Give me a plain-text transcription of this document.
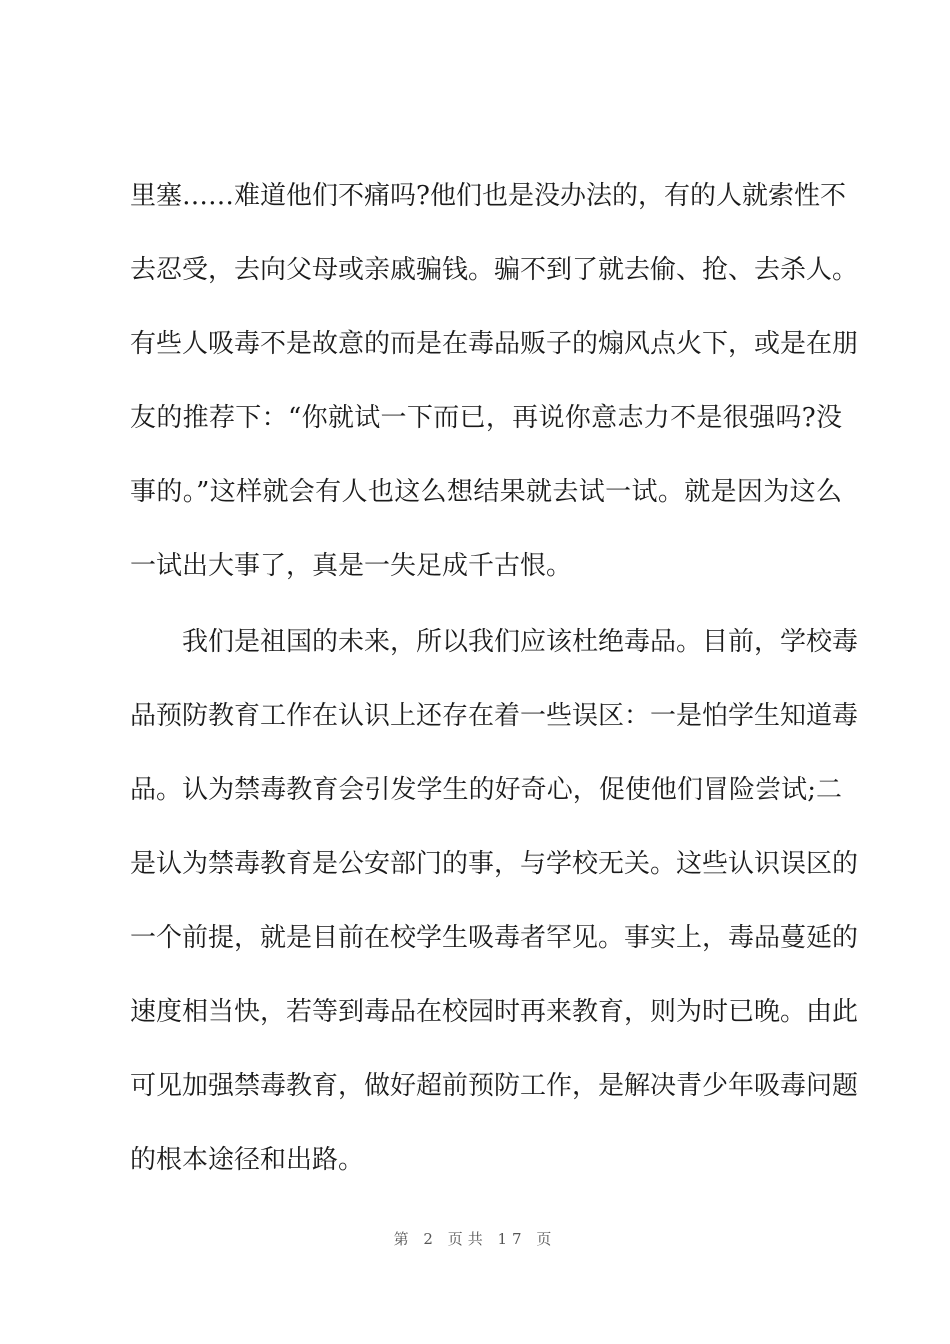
里塞……难道他们不痛吗?他们也是没办法的，有的人就索性不
去忍受，去向父母或亲戚骗钱。骗不到了就去偷、抢、去杀人。
有些人吸毒不是故意的而是在毒品贩子的煽风点火下，或是在朋
友的推荐下：“你就试一下而已，再说你意志力不是很强吗?没
事的。”这样就会有人也这么想结果就去试一试。就是因为这么
一试出大事了，真是一失足成千古恨。
我们是祖国的未来，所以我们应该杜绝毒品。目前，学校毒
品预防教育工作在认识上还存在着一些误区：一是怕学生知道毒
品。认为禁毒教育会引发学生的好奇心，促使他们冒险尝试;二
是认为禁毒教育是公安部门的事，与学校无关。这些认识误区的
一个前提，就是目前在校学生吸毒者罕见。事实上，毒品蔓延的
速度相当快，若等到毒品在校园时再来教育，则为时已晚。由此
可见加强禁毒教育，做好超前预防工作，是解决青少年吸毒问题
的根本途径和出路。
第 2 页共 17 页
